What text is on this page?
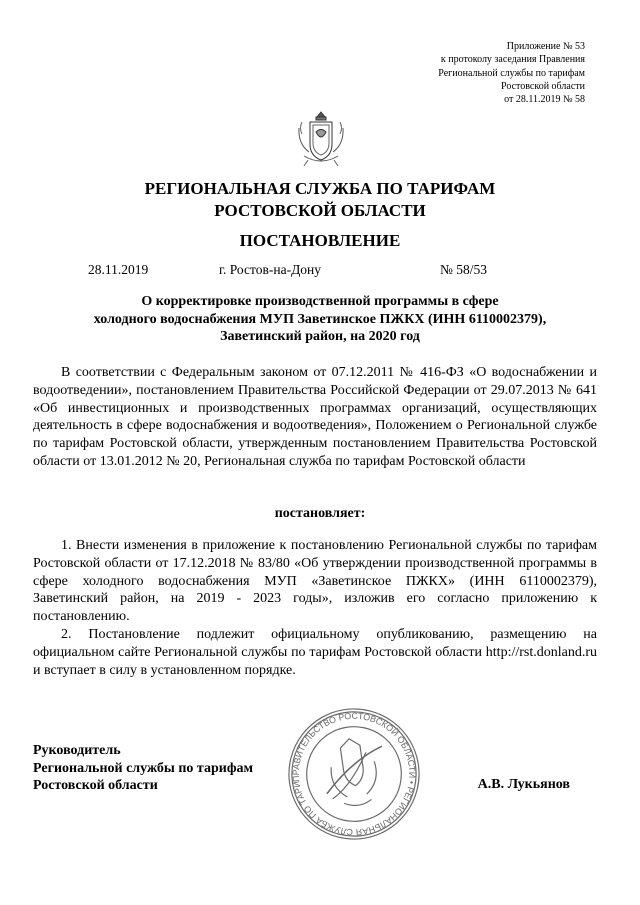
Приложение № 53
к протоколу заседания Правления
Региональной службы по тарифам
Ростовской области
от 28.11.2019 № 58
РЕГИОНАЛЬНАЯ СЛУЖБА ПО ТАРИФАМ
РОСТОВСКОЙ ОБЛАСТИ
ПОСТАНОВЛЕНИЕ
28.11.2019	г. Ростов-на-Дону	№ 58/53
О корректировке производственной программы в сфере
холодного водоснабжения МУП Заветинское ПЖКХ (ИНН 6110002379),
Заветинский район, на 2020 год
В соответствии с Федеральным законом от 07.12.2011 № 416-ФЗ «О водоснабжении и водоотведении», постановлением Правительства Российской Федерации от 29.07.2013 № 641 «Об инвестиционных и производственных программах организаций, осуществляющих деятельность в сфере водоснабжения и водоотведения», Положением о Региональной службе по тарифам Ростовской области, утвержденным постановлением Правительства Ростовской области от 13.01.2012 № 20, Региональная служба по тарифам Ростовской области
постановляет:
1. Внести изменения в приложение к постановлению Региональной службы по тарифам Ростовской области от 17.12.2018 № 83/80 «Об утверждении производственной программы в сфере холодного водоснабжения МУП «Заветинское ПЖКХ» (ИНН 6110002379), Заветинский район, на 2019 - 2023 годы», изложив его согласно приложению к постановлению.
2. Постановление подлежит официальному опубликованию, размещению на официальном сайте Региональной службы по тарифам Ростовской области http://rst.donland.ru и вступает в силу в установленном порядке.
ПРАВИТЕЛЬСТВО РОСТОВСКОЙ ОБЛАСТИ • РЕГИОНАЛЬНАЯ СЛУЖБА ПО ТАРИФАМ
Руководитель
Региональной службы по тарифам
Ростовской области	А.В. Лукьянов
